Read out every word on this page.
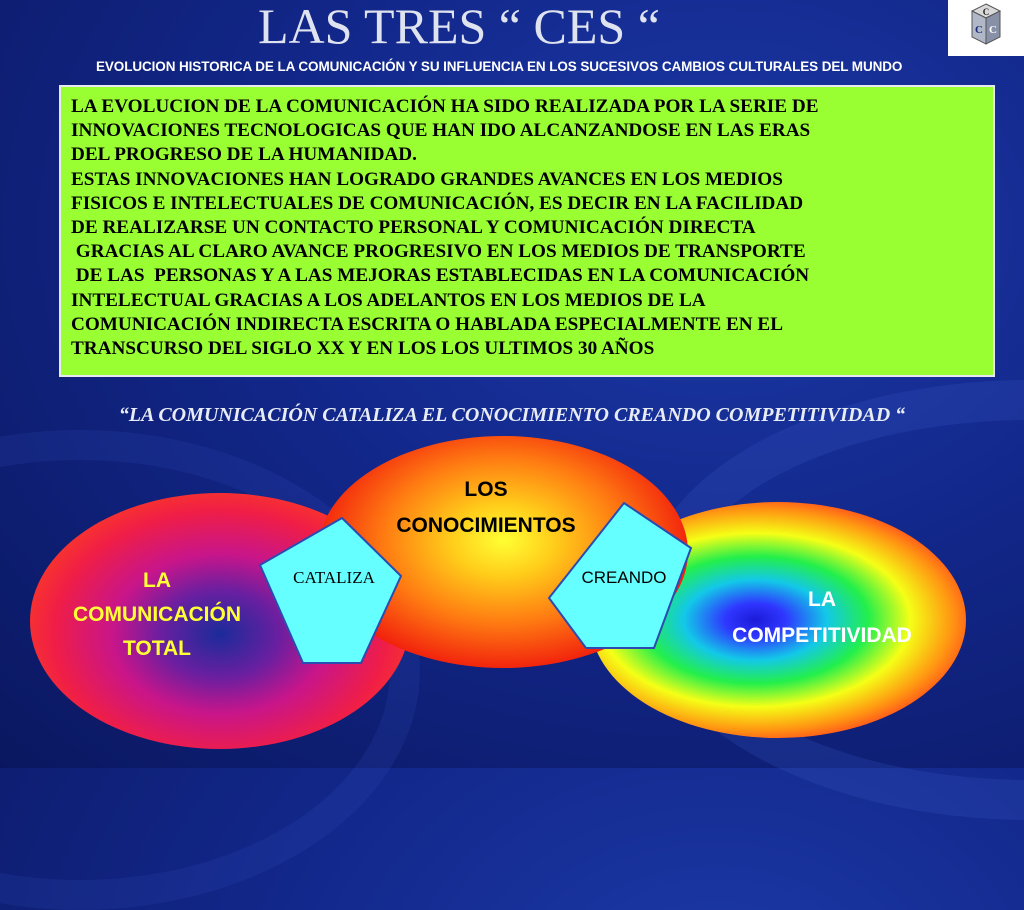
LAS TRES “ CES “	C
C C
EVOLUCION HISTORICA DE LA COMUNICACIÓN Y SU INFLUENCIA EN LOS SUCESIVOS CAMBIOS CULTURALES DEL MUNDO
LA EVOLUCION DE LA COMUNICACIÓN HA SIDO REALIZADA POR LA SERIE DE
INNOVACIONES TECNOLOGICAS QUE HAN IDO ALCANZANDOSE EN LAS ERAS
DEL PROGRESO DE LA HUMANIDAD.
ESTAS INNOVACIONES HAN LOGRADO GRANDES AVANCES EN LOS MEDIOS
FISICOS E INTELECTUALES DE COMUNICACIÓN, ES DECIR EN LA FACILIDAD
DE REALIZARSE UN CONTACTO PERSONAL Y COMUNICACIÓN DIRECTA
GRACIAS AL CLARO AVANCE PROGRESIVO EN LOS MEDIOS DE TRANSPORTE
DE LAS  PERSONAS Y A LAS MEJORAS ESTABLECIDAS EN LA COMUNICACIÓN
INTELECTUAL GRACIAS A LOS ADELANTOS EN LOS MEDIOS DE LA
COMUNICACIÓN INDIRECTA ESCRITA O HABLADA ESPECIALMENTE EN EL
TRANSCURSO DEL SIGLO XX Y EN LOS LOS ULTIMOS 30 AÑOS
“LA COMUNICACIÓN CATALIZA EL CONOCIMIENTO CREANDO COMPETITIVIDAD “
LA
COMUNICACIÓN
TOTAL
LOS
CONOCIMIENTOS
LA
COMPETITIVIDAD
CATALIZA	CREANDO
